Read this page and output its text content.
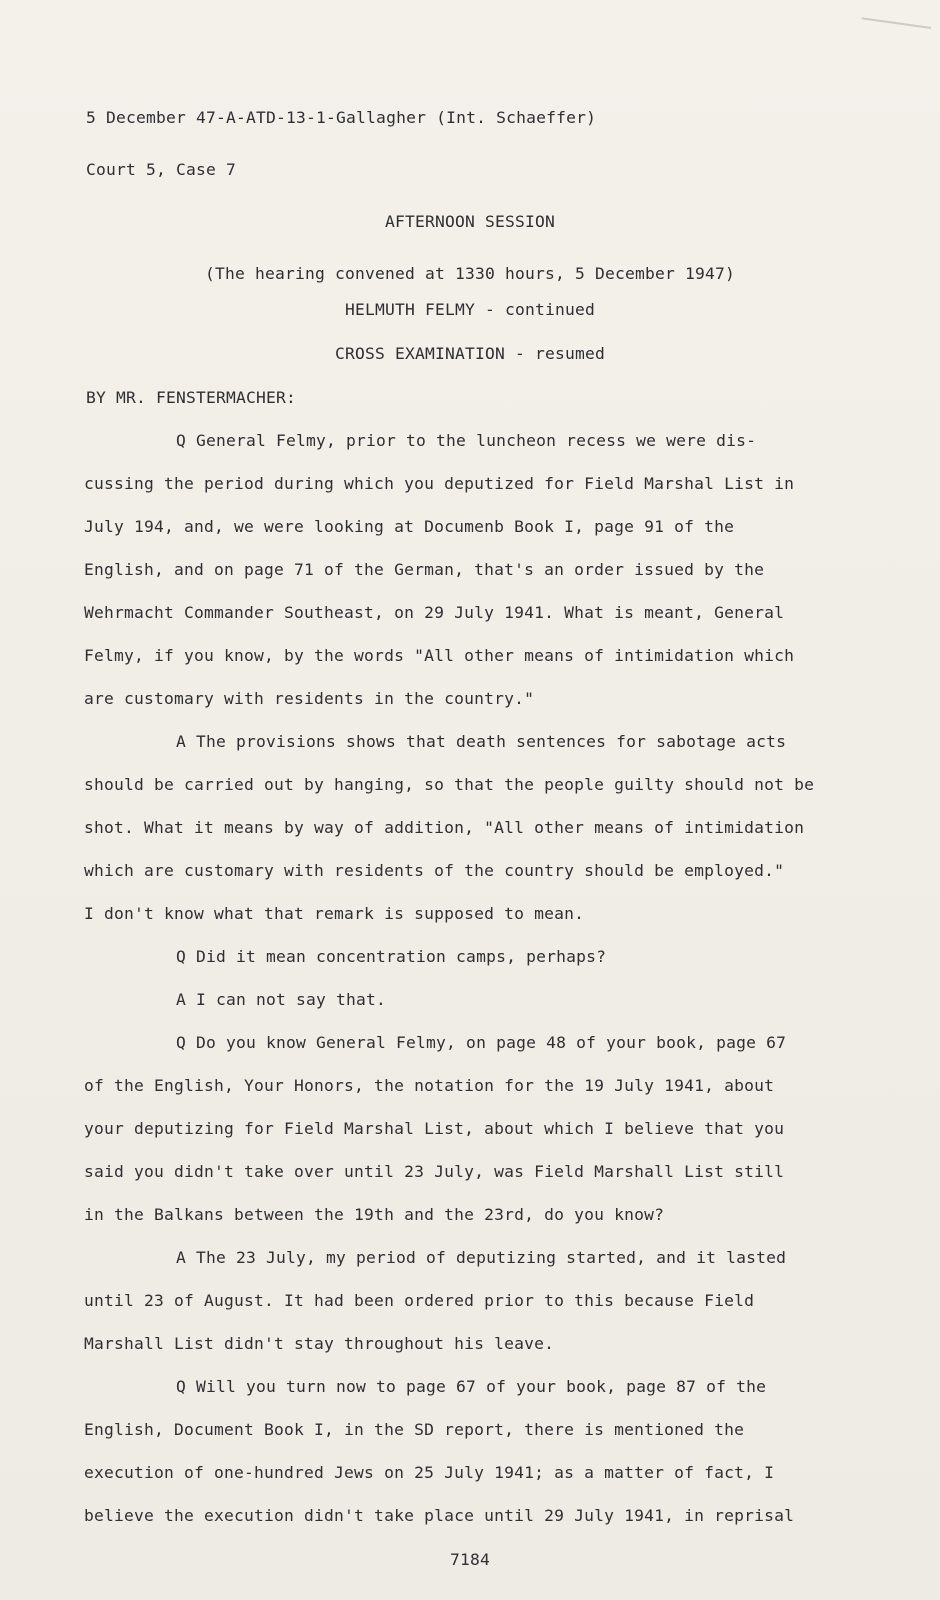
5 December 47-A-ATD-13-1-Gallagher (Int. Schaeffer)
Court 5, Case 7
AFTERNOON SESSION
(The hearing convened at 1330 hours, 5 December 1947)
HELMUTH FELMY - continued
CROSS EXAMINATION - resumed
BY MR. FENSTERMACHER:
Q General Felmy, prior to the luncheon recess we were dis-
cussing the period during which you deputized for Field Marshal List in
July 194, and, we were looking at Documenb Book I, page 91 of the
English, and on page 71 of the German, that's an order issued by the
Wehrmacht Commander Southeast, on 29 July 1941. What is meant, General
Felmy, if you know, by the words "All other means of intimidation which
are customary with residents in the country."
A The provisions shows that death sentences for sabotage acts
should be carried out by hanging, so that the people guilty should not be
shot. What it means by way of addition, "All other means of intimidation
which are customary with residents of the country should be employed."
I don't know what that remark is supposed to mean.
Q Did it mean concentration camps, perhaps?
A I can not say that.
Q Do you know General Felmy, on page 48 of your book, page 67
of the English, Your Honors, the notation for the 19 July 1941, about
your deputizing for Field Marshal List, about which I believe that you
said you didn't take over until 23 July, was Field Marshall List still
in the Balkans between the 19th and the 23rd, do you know?
A The 23 July, my period of deputizing started, and it lasted
until 23 of August. It had been ordered prior to this because Field
Marshall List didn't stay throughout his leave.
Q Will you turn now to page 67 of your book, page 87 of the
English, Document Book I, in the SD report, there is mentioned the
execution of one-hundred Jews on 25 July 1941; as a matter of fact, I
believe the execution didn't take place until 29 July 1941, in reprisal
7184
